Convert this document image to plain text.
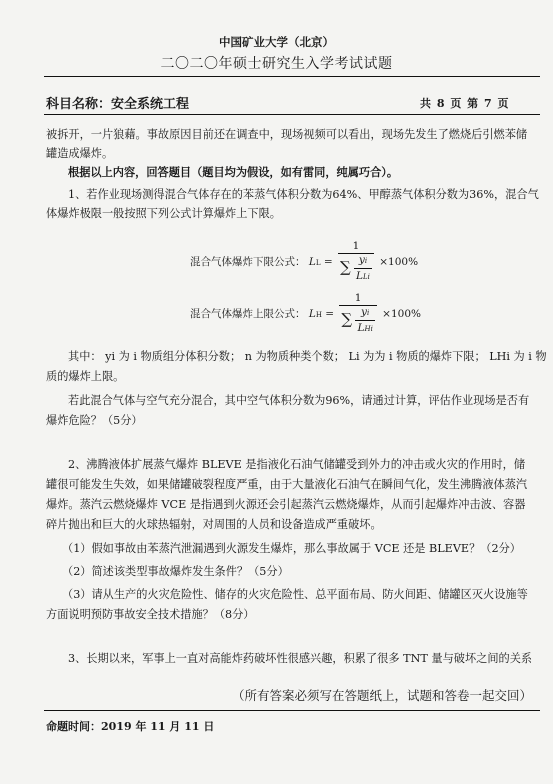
中国矿业大学（北京）
二〇二〇年硕士研究生入学考试试题
科目名称：安全系统工程	共 8 页 第 7 页
被拆开，一片狼藉。事故原因目前还在调查中，现场视频可以看出，现场先发生了燃烧后引燃苯储
罐造成爆炸。
根据以上内容，回答题目（题目均为假设，如有雷同，纯属巧合）。
1、若作业现场测得混合气体存在的苯蒸气体积分数为64%、甲醇蒸气体积分数为36%，混合气
体爆炸极限一般按照下列公式计算爆炸上下限。
混合气体爆炸下限公式： LL = $\frac{1}{\sum \frac{yi}{\text{LLi}}} \times 100\%$
混合气体爆炸上限公式： LH = $\frac{1}{\sum \frac{yi}{\text{LHi}}} \times 100\%$
其中： yi 为 i 物质组分体积分数； n 为物质种类个数； Li 为为 i 物质的爆炸下限； LHi 为 i 物
质的爆炸上限。
若此混合气体与空气充分混合，其中空气体积分数为96%，请通过计算，评估作业现场是否有
爆炸危险？（5分）
2、沸腾液体扩展蒸气爆炸 BLEVE 是指液化石油气储罐受到外力的冲击或火灾的作用时，储
罐很可能发生失效，如果储罐破裂程度严重，由于大量液化石油气在瞬间气化，发生沸腾液体蒸汽
爆炸。蒸汽云燃烧爆炸 VCE 是指遇到火源还会引起蒸汽云燃烧爆炸，从而引起爆炸冲击波、容器
碎片抛出和巨大的火球热辐射，对周围的人员和设备造成严重破坏。
（1）假如事故由苯蒸汽泄漏遇到火源发生爆炸，那么事故属于 VCE 还是 BLEVE？（2分）
（2）简述该类型事故爆炸发生条件？（5分）
（3）请从生产的火灾危险性、储存的火灾危险性、总平面布局、防火间距、储罐区灭火设施等
方面说明预防事故安全技术措施？（8分）
3、长期以来，军事上一直对高能炸药破坏性很感兴趣，积累了很多 TNT 量与破坏之间的关系
（所有答案必须写在答题纸上，试题和答卷一起交回）
命题时间：2019 年 11 月 11 日
